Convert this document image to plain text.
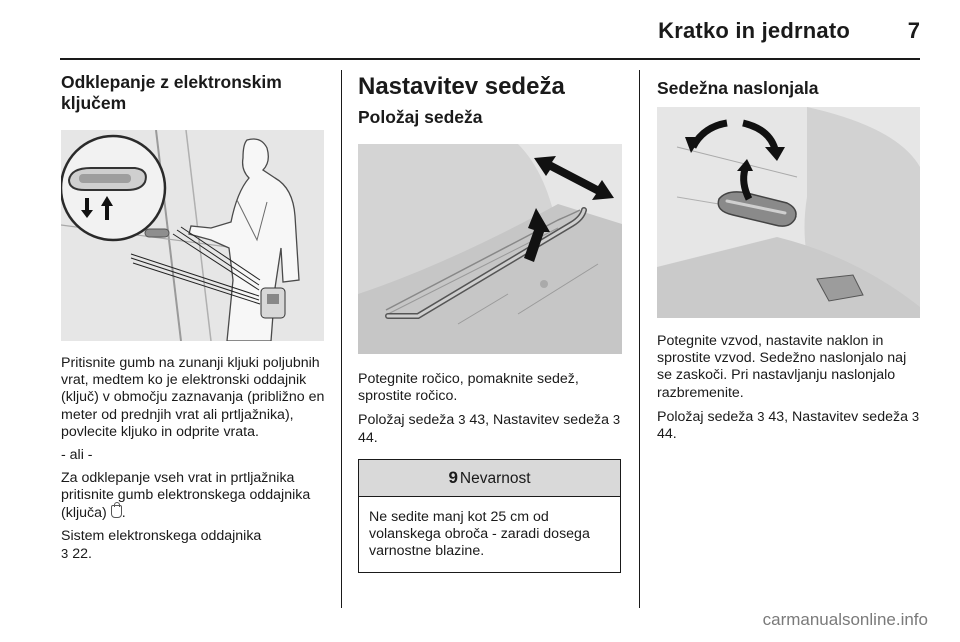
Kratko in jedrnato	7
Odklepanje z elektronskim ključem

Pritisnite gumb na zunanji kljuki poljubnih vrat, medtem ko je elektronski oddajnik (ključ) v območju zaznavanja (približno en meter od prednjih vrat ali prtljažnika), povlecite kljuko in odprite vrata.

- ali -

Za odklepanje vseh vrat in prtljažnika pritisnite gumb elektronskega oddajnika (ključa) .

Sistem elektronskega oddajnika
3 22.

Nastavitev sedeža
Položaj sedeža

Potegnite ročico, pomaknite sedež, sprostite ročico.

Položaj sedeža 3 43, Nastavitev sedeža 3 44.

9 Nevarnost

Ne sedite manj kot 25 cm od volanskega obroča - zaradi dosega varnostne blazine.

Sedežna naslonjala

Potegnite vzvod, nastavite naklon in sprostite vzvod. Sedežno naslonjalo naj se zaskoči. Pri nastavljanju naslonjalo razbremenite.

Položaj sedeža 3 43, Nastavitev sedeža 3 44.

carmanualsonline.info
